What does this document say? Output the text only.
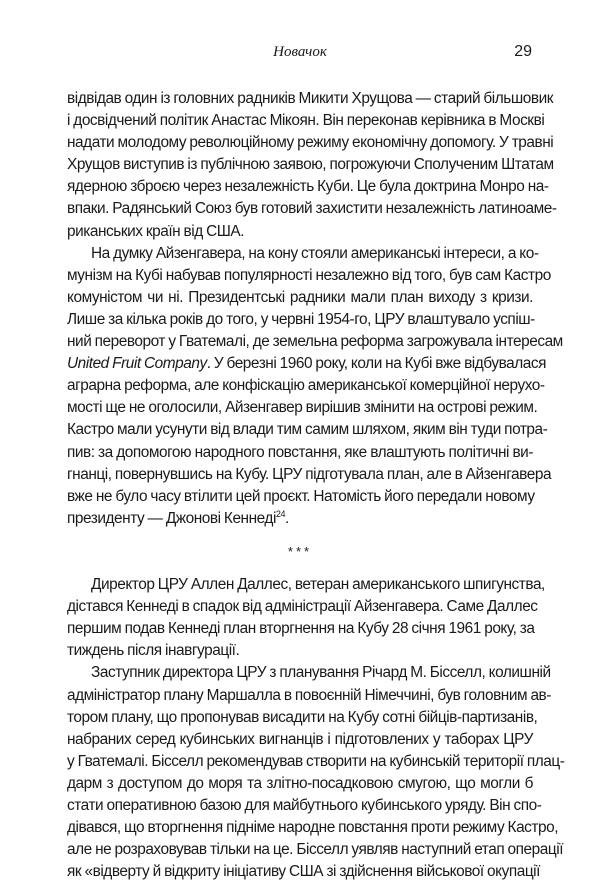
Новачок	29
відвідав один із головних радників Микити Хрущова — старий більшовик
і досвідчений політик Анастас Мікоян. Він переконав керівника в Москві
надати молодому революційному режиму економічну допомогу. У травні
Хрущов виступив із публічною заявою, погрожуючи Сполученим Штатам
ядерною зброєю через незалежність Куби. Це була доктрина Монро на-
впаки. Радянський Союз був готовий захистити незалежність латиноаме-
риканських країн від США.
На думку Айзенгавера, на кону стояли американські інтереси, а ко-
мунізм на Кубі набував популярності незалежно від того, був сам Кастро
комуністом чи ні. Президентські радники мали план виходу з кризи.
Лише за кілька років до того, у червні 1954-го, ЦРУ влаштувало успіш-
ний переворот у Гватемалі, де земельна реформа загрожувала інтересам
United Fruit Company. У березні 1960 року, коли на Кубі вже відбувалася
аграрна реформа, але конфіскацію американської комерційної нерухо-
мості ще не оголосили, Айзенгавер вирішив змінити на острові режим.
Кастро мали усунути від влади тим самим шляхом, яким він туди потра-
пив: за допомогою народного повстання, яке влаштують політичні ви-
гнанці, повернувшись на Кубу. ЦРУ підготувала план, але в Айзенгавера
вже не було часу втілити цей проєкт. Натомість його передали новому
президенту — Джонові Кеннеді$^{24}$.
***
Директор ЦРУ Аллен Даллес, ветеран американського шпигунства,
дістався Кеннеді в спадок від адміністрації Айзенгавера. Саме Даллес
першим подав Кеннеді план вторгнення на Кубу 28 січня 1961 року, за
тиждень після інавгурації.
Заступник директора ЦРУ з планування Річард М. Бісселл, колишній
адміністратор плану Маршалла в повоєнній Німеччині, був головним ав-
тором плану, що пропонував висадити на Кубу сотні бійців-партизанів,
набраних серед кубинських вигнанців і підготовлених у таборах ЦРУ
у Гватемалі. Бісселл рекомендував створити на кубинській території плац-
дарм з доступом до моря та злітно-посадковою смугою, що могли б
стати оперативною базою для майбутнього кубинського уряду. Він спо-
дівався, що вторгнення підніме народне повстання проти режиму Кастро,
але не розраховував тільки на це. Бісселл уявляв наступний етап операції
як «відверту й відкриту ініціативу США зі здійснення військової окупації
